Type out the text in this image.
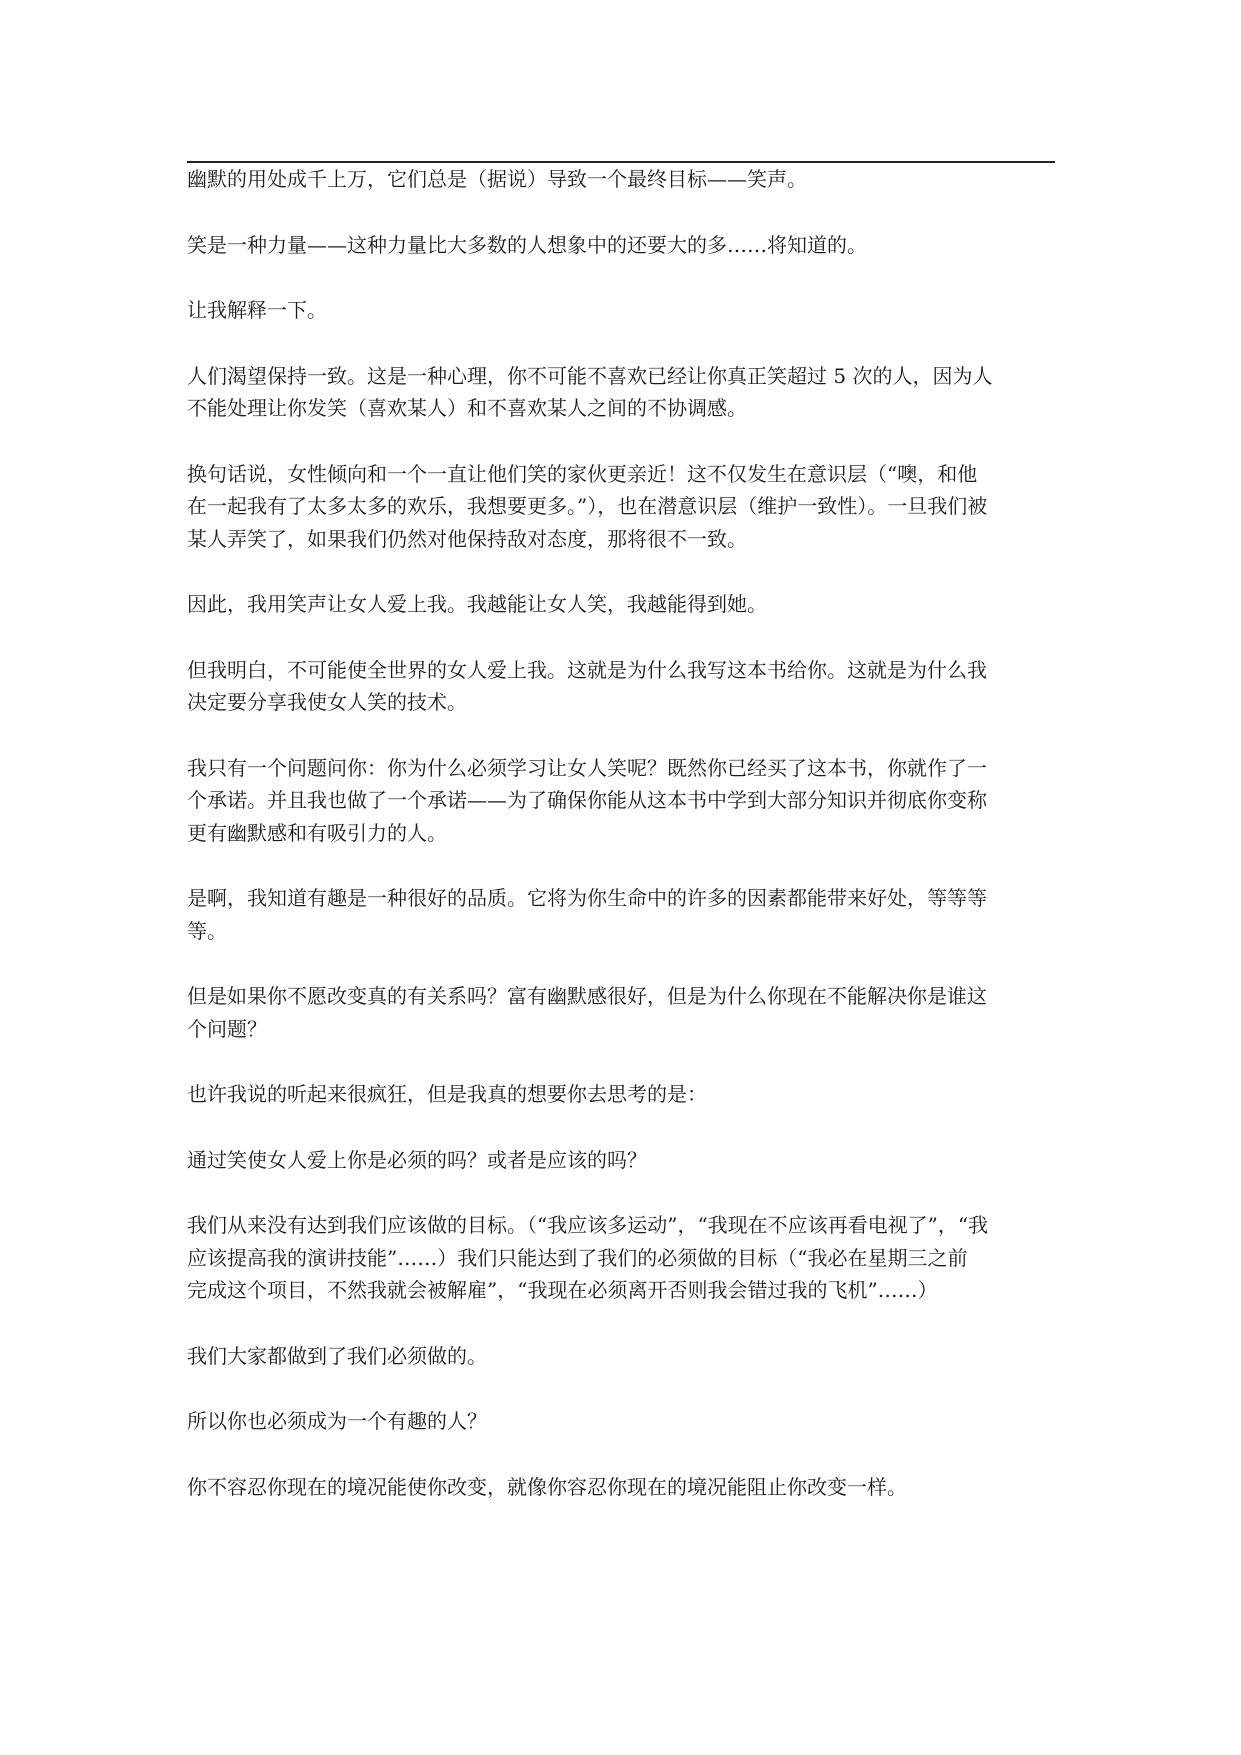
幽默的用处成千上万，它们总是（据说）导致一个最终目标——笑声。

笑是一种力量——这种力量比大多数的人想象中的还要大的多……将知道的。

让我解释一下。

人们渴望保持一致。这是一种心理，你不可能不喜欢已经让你真正笑超过 5 次的人，因为人
不能处理让你发笑（喜欢某人）和不喜欢某人之间的不协调感。

换句话说，女性倾向和一个一直让他们笑的家伙更亲近！这不仅发生在意识层（“噢，和他
在一起我有了太多太多的欢乐，我想要更多。”），也在潜意识层（维护一致性）。一旦我们被
某人弄笑了，如果我们仍然对他保持敌对态度，那将很不一致。

因此，我用笑声让女人爱上我。我越能让女人笑，我越能得到她。

但我明白，不可能使全世界的女人爱上我。这就是为什么我写这本书给你。这就是为什么我
决定要分享我使女人笑的技术。

我只有一个问题问你：你为什么必须学习让女人笑呢？既然你已经买了这本书，你就作了一
个承诺。并且我也做了一个承诺——为了确保你能从这本书中学到大部分知识并彻底你变称
更有幽默感和有吸引力的人。

是啊，我知道有趣是一种很好的品质。它将为你生命中的许多的因素都能带来好处，等等等
等。

但是如果你不愿改变真的有关系吗？富有幽默感很好，但是为什么你现在不能解决你是谁这
个问题？

也许我说的听起来很疯狂，但是我真的想要你去思考的是：

通过笑使女人爱上你是必须的吗？或者是应该的吗？

我们从来没有达到我们应该做的目标。（“我应该多运动”，“我现在不应该再看电视了”，“我
应该提高我的演讲技能”……）我们只能达到了我们的必须做的目标（“我必在星期三之前
完成这个项目，不然我就会被解雇”，“我现在必须离开否则我会错过我的飞机”……）

我们大家都做到了我们必须做的。

所以你也必须成为一个有趣的人？

你不容忍你现在的境况能使你改变，就像你容忍你现在的境况能阻止你改变一样。
